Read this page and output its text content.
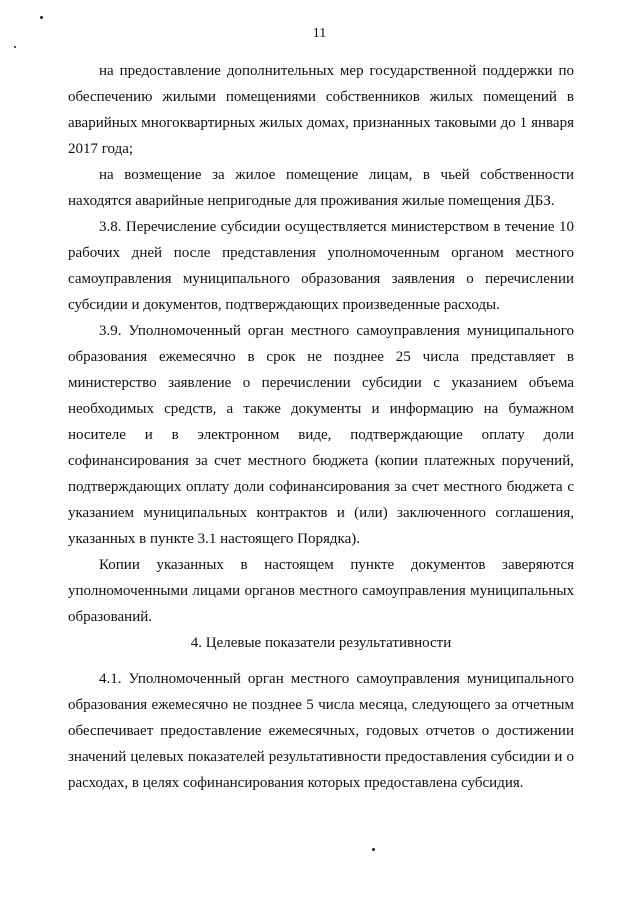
11

на предоставление дополнительных мер государственной поддержки по обеспечению жилыми помещениями собственников жилых помещений в аварийных многоквартирных жилых домах, признанных таковыми до 1 января 2017 года;

на возмещение за жилое помещение лицам, в чьей собственности находятся аварийные непригодные для проживания жилые помещения ДБЗ.

3.8. Перечисление субсидии осуществляется министерством в течение 10 рабочих дней после представления уполномоченным органом местного самоуправления муниципального образования заявления о перечислении субсидии и документов, подтверждающих произведенные расходы.

3.9. Уполномоченный орган местного самоуправления муниципального образования ежемесячно в срок не позднее 25 числа представляет в министерство заявление о перечислении субсидии с указанием объема необходимых средств, а также документы и информацию на бумажном носителе и в электронном виде, подтверждающие оплату доли софинансирования за счет местного бюджета (копии платежных поручений, подтверждающих оплату доли софинансирования за счет местного бюджета с указанием муниципальных контрактов и (или) заключенного соглашения, указанных в пункте 3.1 настоящего Порядка).

Копии указанных в настоящем пункте документов заверяются уполномоченными лицами органов местного самоуправления муниципальных образований.

4. Целевые показатели результативности

4.1. Уполномоченный орган местного самоуправления муниципального образования ежемесячно не позднее 5 числа месяца, следующего за отчетным обеспечивает предоставление ежемесячных, годовых отчетов о достижении значений целевых показателей результативности предоставления субсидии и о расходах, в целях софинансирования которых предоставлена субсидия.
